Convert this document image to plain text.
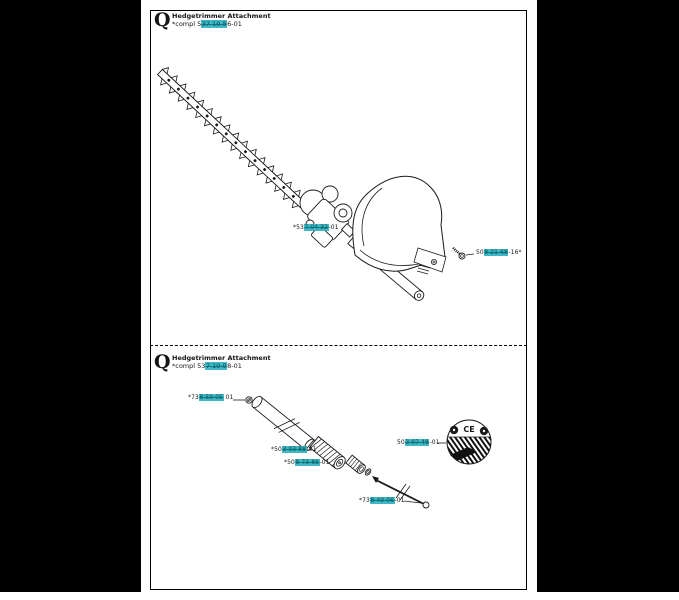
Q Hedgetrimmer Attachment
*compl 537 19 86-01
*537 04 32-01
508 21 68-16*
Q Hedgetrimmer Attachment
*compl 537 19 98-01
CE
*738 59 05 01
*503 93 88-01
*508 73 86-01
*738 49 06-01
503 97 48-01
